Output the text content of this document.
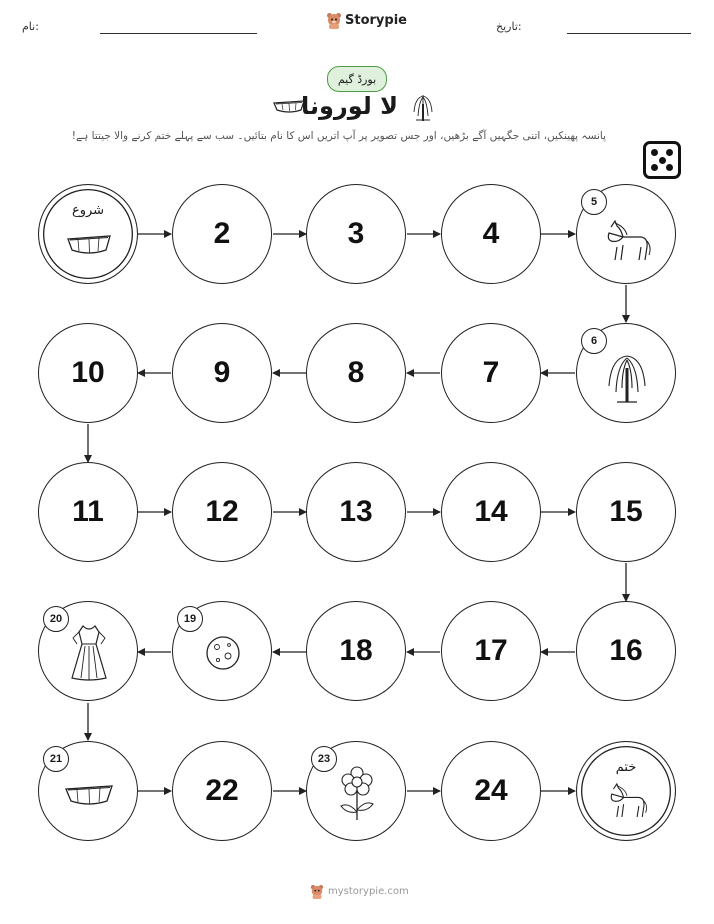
نام:	Storypie	تاریخ:
بورڈ گیم
لا لورونا
پانسہ پھینکیں، اتنی جگہیں آگے بڑھیں، اور جس تصویر پر آپ اتریں اس کا نام بتائیں۔ سب سے پہلے ختم کرنے والا جیتتا ہے!
شروع
2	3	4
5
10	9	8	7
6
11	12	13	14	15
20	19
18	17	16
21
22
23
24
ختم
mystorypie.com
